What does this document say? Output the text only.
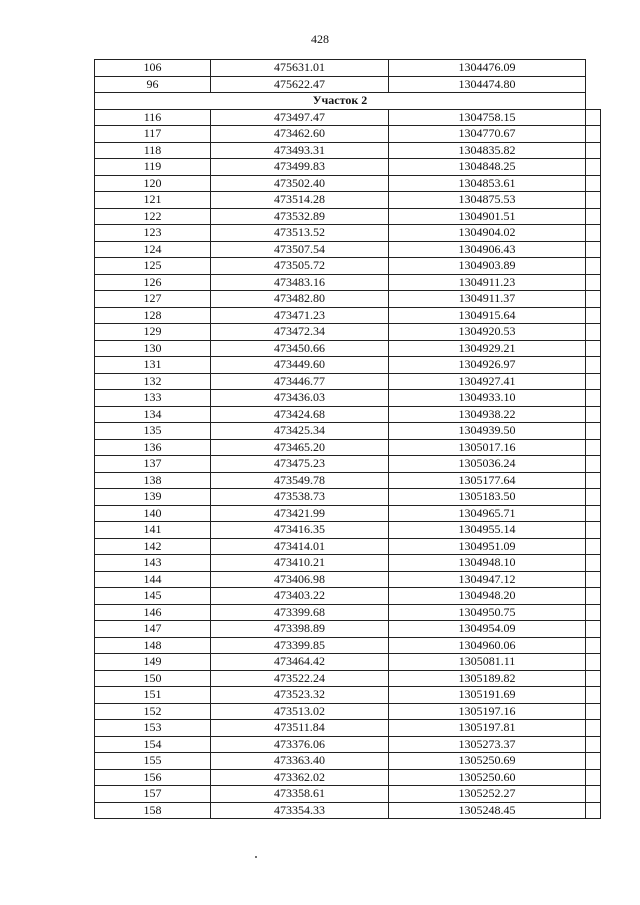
428
106	475631.01	1304476.09	
96	475622.47	1304474.80	
Участок 2			
116	473497.47	1304758.15	
117	473462.60	1304770.67	
118	473493.31	1304835.82	
119	473499.83	1304848.25	
120	473502.40	1304853.61	
121	473514.28	1304875.53	
122	473532.89	1304901.51	
123	473513.52	1304904.02	
124	473507.54	1304906.43	
125	473505.72	1304903.89	
126	473483.16	1304911.23	
127	473482.80	1304911.37	
128	473471.23	1304915.64	
129	473472.34	1304920.53	
130	473450.66	1304929.21	
131	473449.60	1304926.97	
132	473446.77	1304927.41	
133	473436.03	1304933.10	
134	473424.68	1304938.22	
135	473425.34	1304939.50	
136	473465.20	1305017.16	
137	473475.23	1305036.24	
138	473549.78	1305177.64	
139	473538.73	1305183.50	
140	473421.99	1304965.71	
141	473416.35	1304955.14	
142	473414.01	1304951.09	
143	473410.21	1304948.10	
144	473406.98	1304947.12	
145	473403.22	1304948.20	
146	473399.68	1304950.75	
147	473398.89	1304954.09	
148	473399.85	1304960.06	
149	473464.42	1305081.11	
150	473522.24	1305189.82	
151	473523.32	1305191.69	
152	473513.02	1305197.16	
153	473511.84	1305197.81	
154	473376.06	1305273.37	
155	473363.40	1305250.69	
156	473362.02	1305250.60	
157	473358.61	1305252.27	
158	473354.33	1305248.45	
